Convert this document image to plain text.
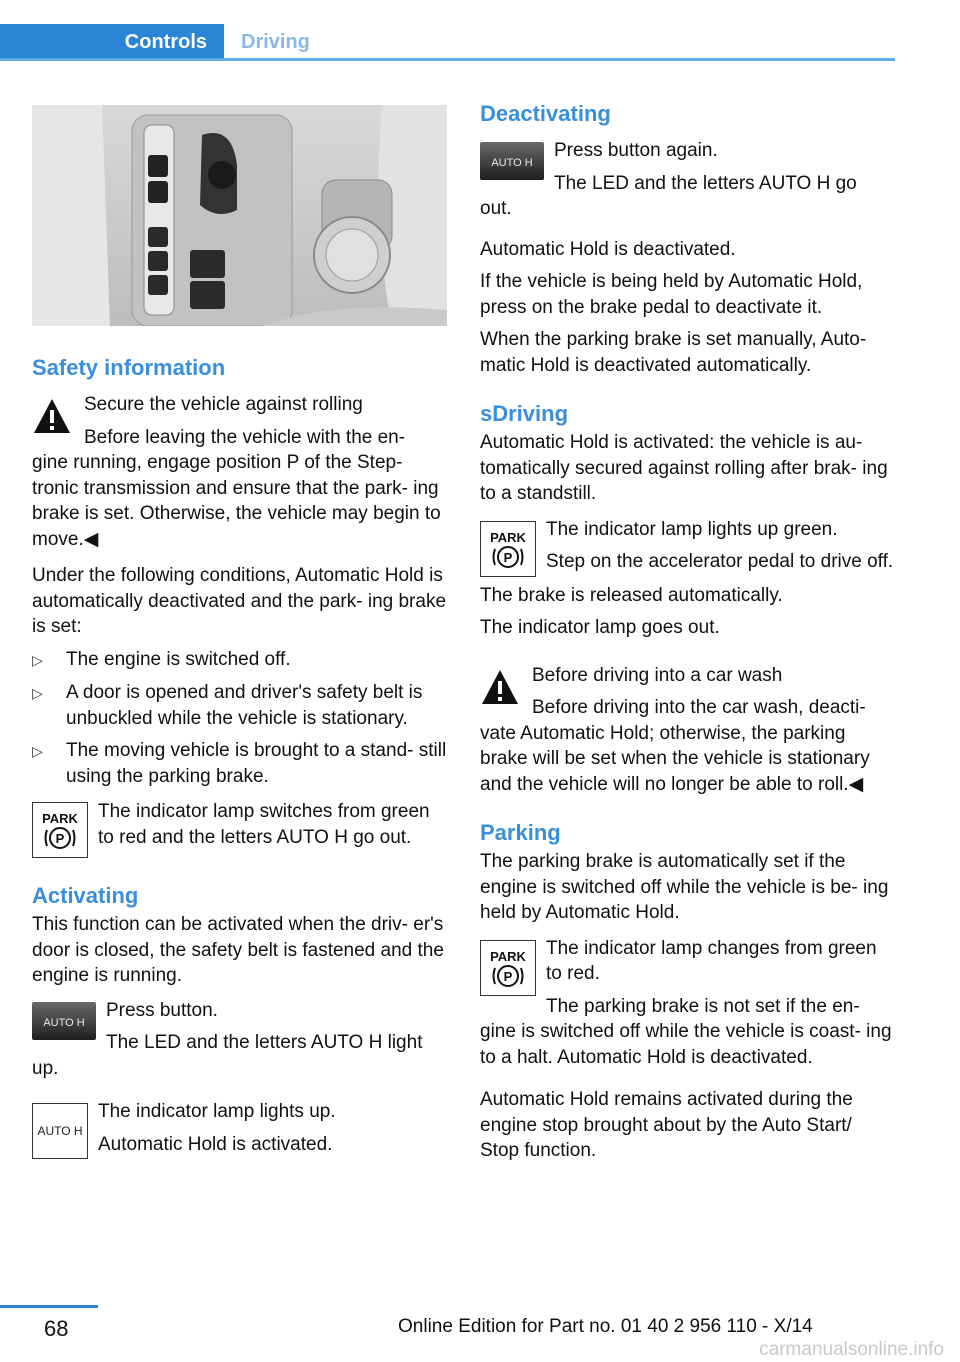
Controls Driving
Safety information

Secure the vehicle against rolling

Before leaving the vehicle with the en‐

gine running, engage position P of the Step‐ tronic transmission and ensure that the park‐ ing brake is set. Otherwise, the vehicle may begin to move.◀

Under the following conditions, Automatic Hold is automatically deactivated and the park‐ ing brake is set:

▷	The engine is switched off.
▷	A door is opened and driver's safety belt is unbuckled while the vehicle is stationary.
▷	The moving vehicle is brought to a stand‐ still using the parking brake.
PARK
P

The indicator lamp switches from green to red and the letters AUTO H go out.

Activating

This function can be activated when the driv‐ er's door is closed, the safety belt is fastened and the engine is running.

AUTO H

Press button.

The LED and the letters AUTO H light

up.

AUTO H

The indicator lamp lights up.

Automatic Hold is activated.

Deactivating
AUTO H

Press button again.

The LED and the letters AUTO H go

out.

Automatic Hold is deactivated.

If the vehicle is being held by Automatic Hold, press on the brake pedal to deactivate it.

When the parking brake is set manually, Auto‐ matic Hold is deactivated automatically.

sDriving

Automatic Hold is activated: the vehicle is au‐ tomatically secured against rolling after brak‐ ing to a standstill.

PARK
P

The indicator lamp lights up green.

Step on the accelerator pedal to drive off.

The brake is released automatically.

The indicator lamp goes out.

Before driving into a car wash

Before driving into the car wash, deacti‐

vate Automatic Hold; otherwise, the parking brake will be set when the vehicle is stationary and the vehicle will no longer be able to roll.◀

Parking

The parking brake is automatically set if the engine is switched off while the vehicle is be‐ ing held by Automatic Hold.

PARK
P

The indicator lamp changes from green to red.

The parking brake is not set if the en‐

gine is switched off while the vehicle is coast‐ ing to a halt. Automatic Hold is deactivated.

Automatic Hold remains activated during the engine stop brought about by the Auto Start/ Stop function.

68	Online Edition for Part no. 01 40 2 956 110 - X/14
carmanualsonline.info
